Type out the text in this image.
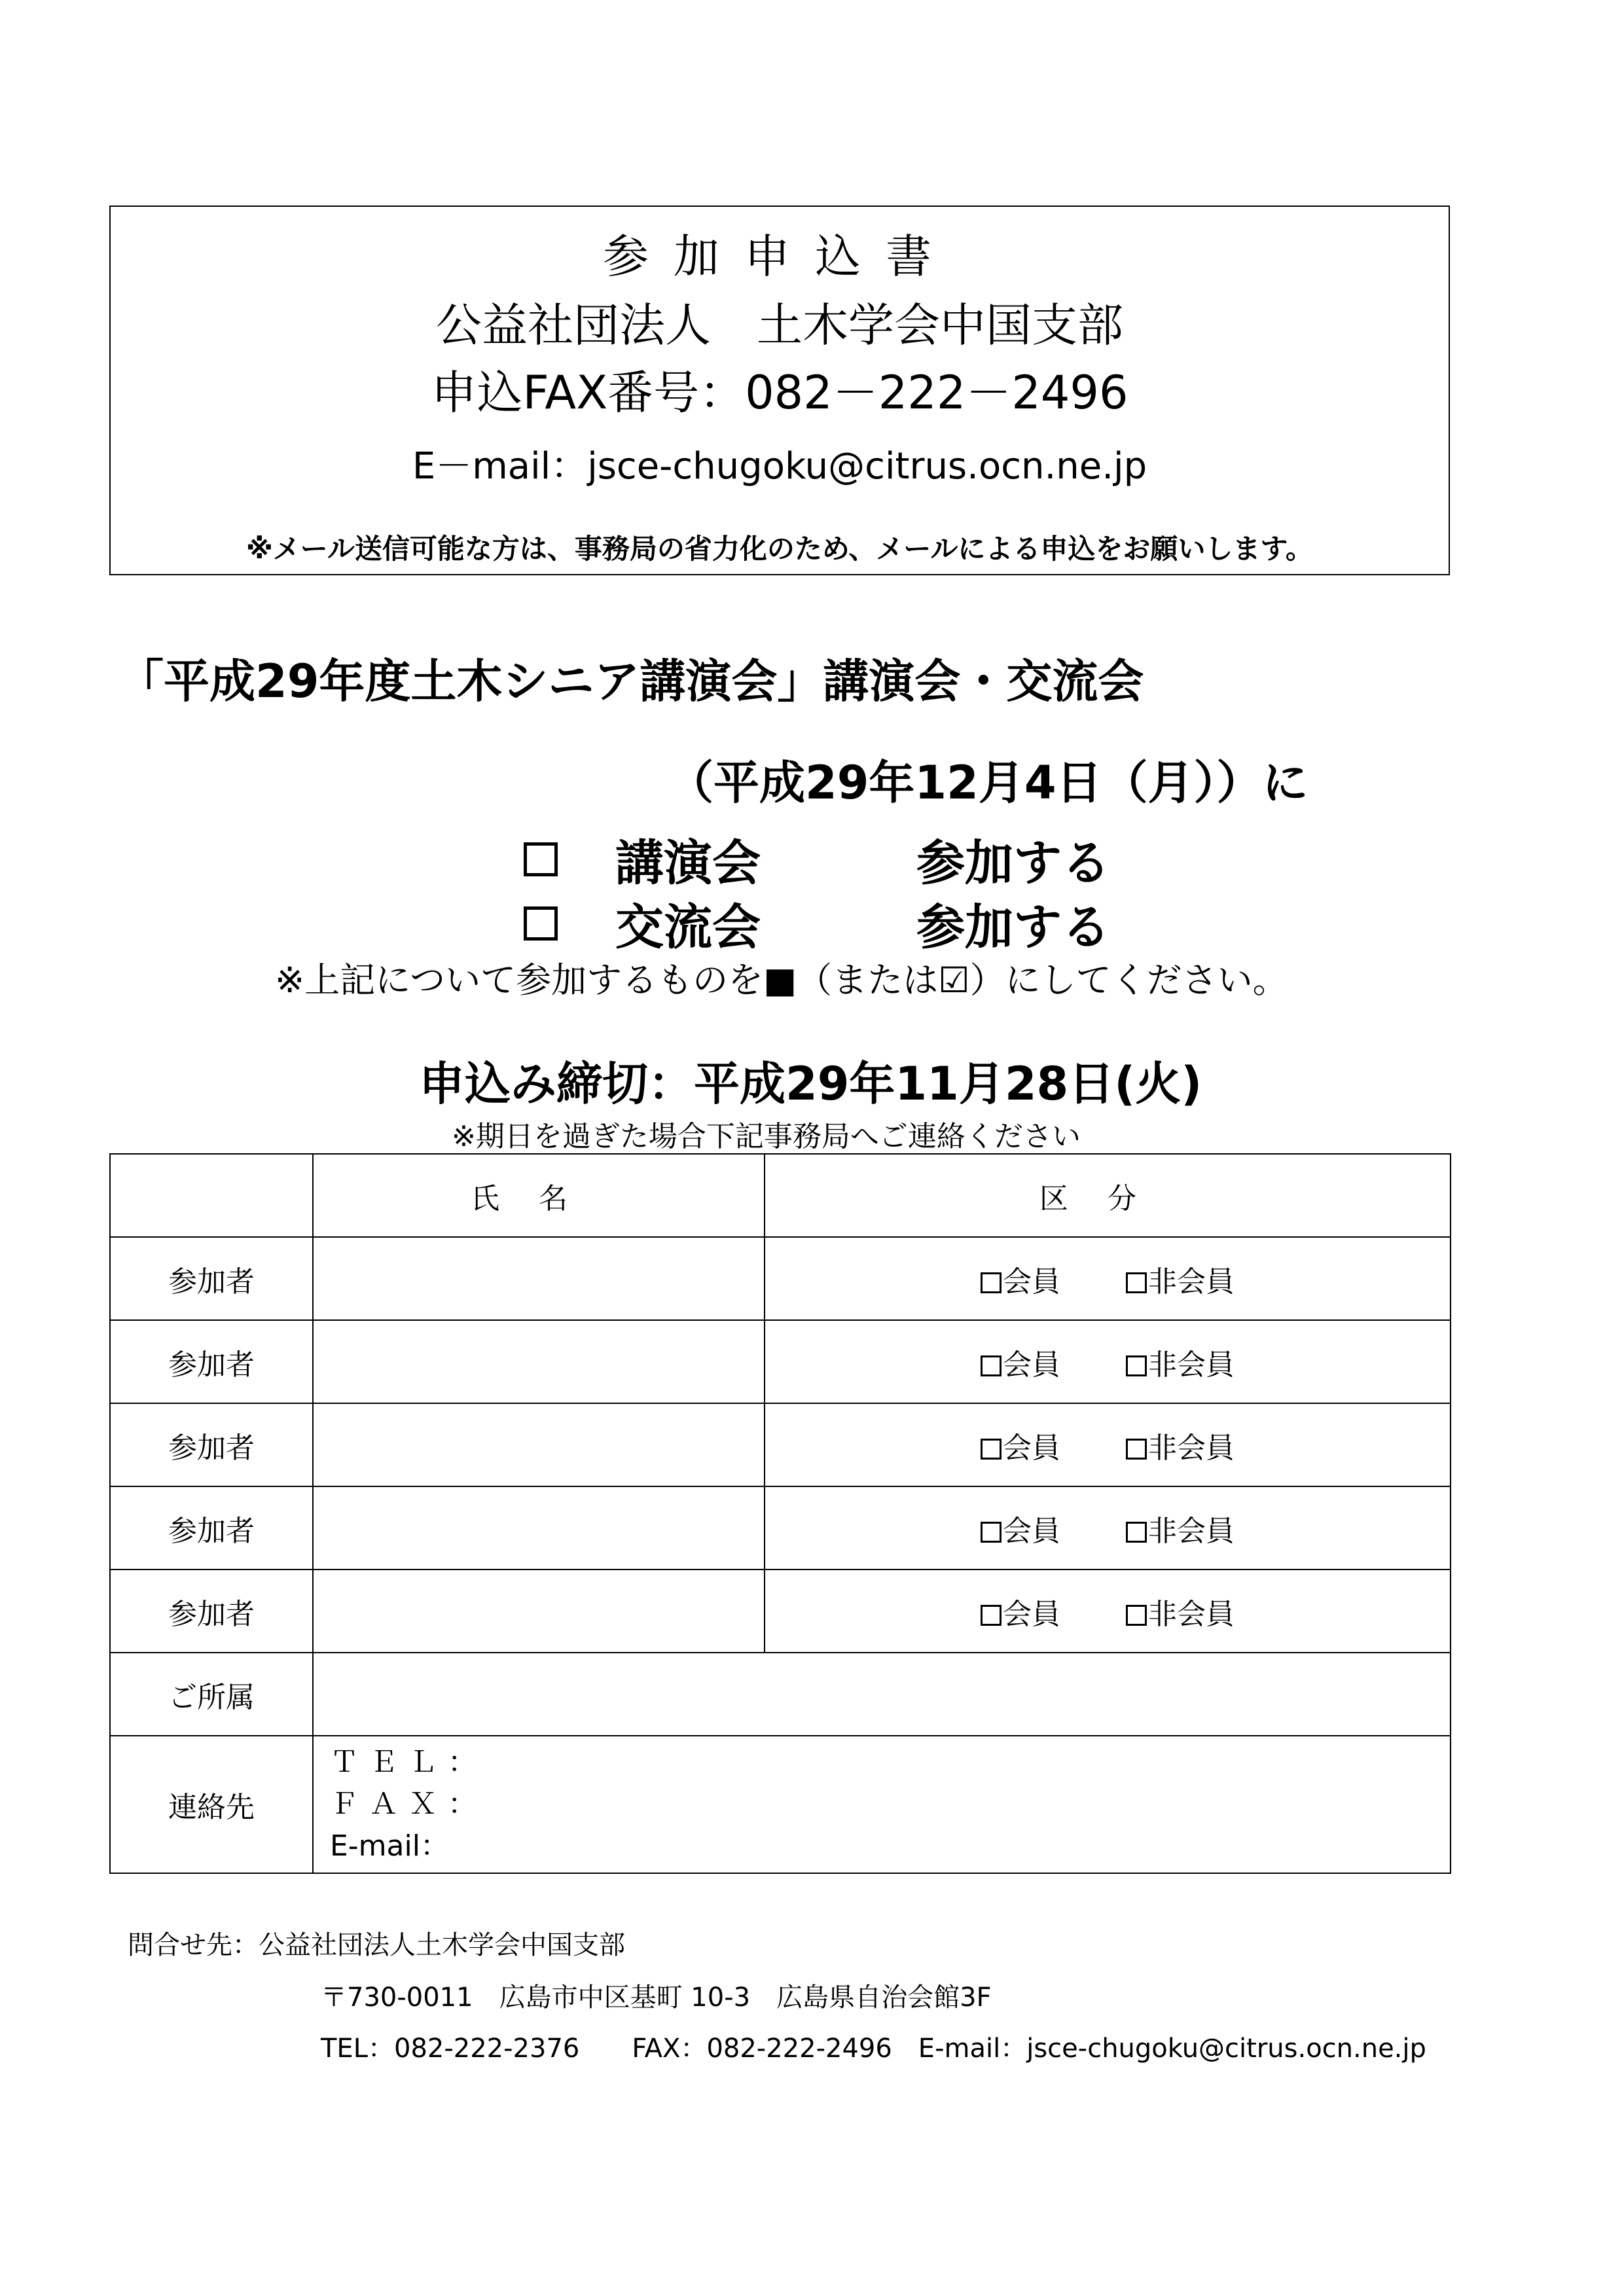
参加申込書
公益社団法人　土木学会中国支部
申込FAX番号：082－222－2496
E－mail：jsce-chugoku@citrus.ocn.ne.jp
※メール送信可能な方は、事務局の省力化のため、メールによる申込をお願いします。
「平成29年度土木シニア講演会」講演会・交流会
（平成29年12月4日（月））に
講演会	参加する
交流会	参加する
※上記について参加するものを■（または☑）にしてください。
申込み締切：平成29年11月28日(火)
※期日を過ぎた場合下記事務局へご連絡ください
	氏名	区分
参加者		会員 非会員
参加者		会員 非会員
参加者		会員 非会員
参加者		会員 非会員
参加者		会員 非会員
ご所属		
連絡先	ＴＥＬ：
ＦＡＸ：
E-mail：	
問合せ先：公益社団法人土木学会中国支部
〒730-0011　広島市中区基町 10-3　広島県自治会館3F
TEL：082-222-2376　　FAX：082-222-2496　E-mail：jsce-chugoku@citrus.ocn.ne.jp
